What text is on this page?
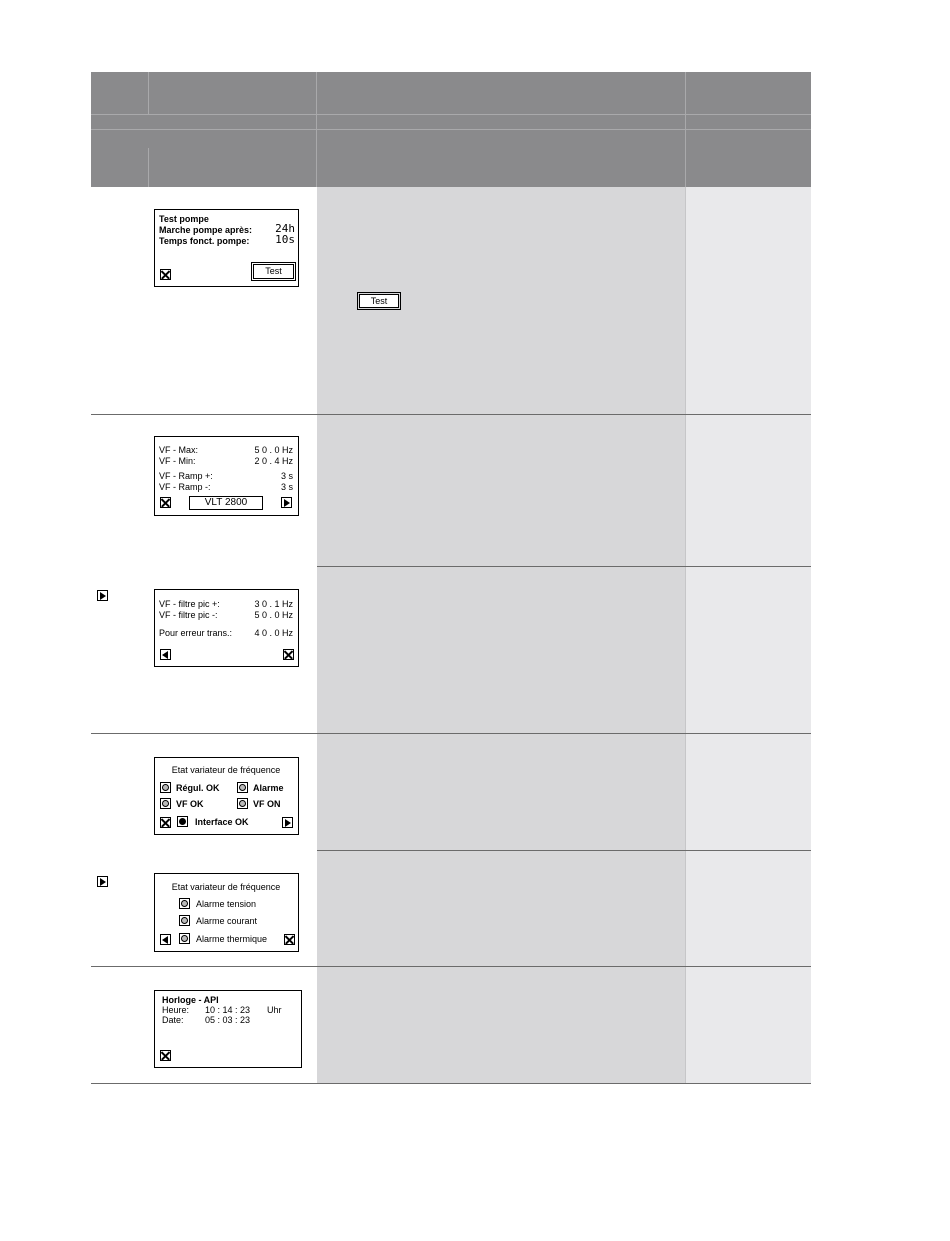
Test pompe
Marche pompe après: 24h
Temps fonct. pompe: 10s
Test
Test
VF - Max:	5 0 . 0 Hz
VF - Min:	2 0 . 4 Hz
VF - Ramp +:	3 s
VF - Ramp -:	3 s
VLT 2800
VF - filtre pic +:	3 0 . 1 Hz
VF - filtre pic -:	5 0 . 0 Hz
Pour erreur trans.: 4 0 . 0 Hz
Etat variateur de fréquence
Régul. OK	Alarme
VF OK	VF ON
Interface OK
Etat variateur de fréquence
Alarme tension
Alarme courant
Alarme thermique
Horloge - API
Heure: 10 : 14 : 23 Uhr
Date: 05 : 03 : 23
